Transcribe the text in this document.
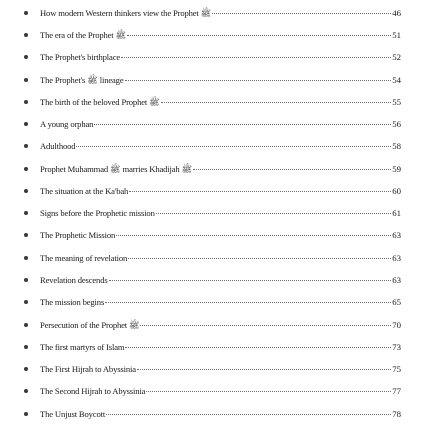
How modern Western thinkers view the Prophet ﷺ	46
The era of the Prophet ﷺ	51
The Prophet's birthplace	52
The Prophet's ﷺ lineage	54
The birth of the beloved Prophet ﷺ	55
A young orphan	56
Adulthood	58
Prophet Muhammad ﷺ marries Khadijah ﷺ	59
The situation at the Ka'bah	60
Signs before the Prophetic mission	61
The Prophetic Mission	63
The meaning of revelation	63
Revelation descends	63
The mission begins	65
Persecution of the Prophet ﷺ	70
The first martyrs of Islam	73
The First Hijrah to Abyssinia	75
The Second Hijrah to Abyssinia	77
The Unjust Boycott	78
